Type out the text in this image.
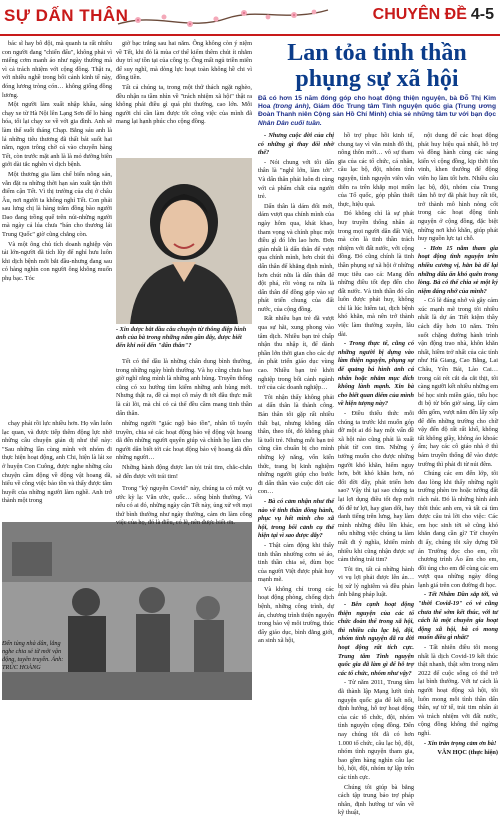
SỰ DẤN THÂN	CHUYÊN ĐỀ 4-5

bác sĩ hay bô đội, mà quanh ta rất nhiều con người đang "chiến đấu", không phải vì miếng cơm manh áo như ngày thường mà vì cả trách nhiệm với cộng đồng. Thật ra, với nhiều nghề trong bối cảnh kinh tế này, đóng lương tròng cón… không giống đồng lương.

Một người làm xuất nhập khẩu, sáng chạy xe từ Hà Nội lên Lạng Sơn để lo hàng hóa, tối lại chạy xe về với gia đình. Anh sẽ làm thế suốt tháng Chạp. Bằng sáu anh là lá những tiêu thương đã thất bát suốt hai năm, ngọn trông chờ cả vào chuyến hàng Tết, còn trước mặt anh là là mỏ đường biên giới dài tắc nghẽn vì dịch bệnh.

Một thương gia làm chế biến nông sản, vẫn đặt ra những thời hạn sản xuất tận thời điểm cận Tết. Vì thị trường của chị ở châu Âu, nơi người ta không nghỉ Tết. Con phải sau lưng chị là hàng trăm đồng bào người Dao đang trồng quế trên núi-những người mà ngày cả lúa chưa "bán cho thương lái Trung Quốc" giờ cũng chẳng còn.

Và một ông chủ tích doanh nghiệp vận tải lớn-người đã tích lũy để nghỉ hưu luôn khi dịch bệnh mới bắt đầu-nhưng đang sau có hàng nghìn con người ông không muốn phụ bạc. Tóc

giờ bạc trắng sau hai năm. Ông không còn ý niệm về Tết, khi đó là mùa cơ thể kiểm thêm chút ít nhằm duy trì sự tồn tại của công ty. Ông mất ngủ triền miên để suy nghĩ, mà dòng lực hoạt toàn không hề chi vì đồng tiền.

Tất cả chúng ta, trong một thứ thách ngặt nghèo, đều nhận ra tầm nhìn về "trách nhiệm xã hội" thật ra không phải điều gì quá phi thường, cao lớn. Mỗi người chỉ cần làm được tốt công việc của mình đã mang lại hạnh phúc cho cộng đồng.

- Xin được bắt đầu câu chuyện từ thông điệp hình ảnh của bà trong những năm gần đây, được biết đến khi nói đến "dấn thân"?

Tết có thể dầu là những chân dung bình thường, trong những ngày bình thường. Và họ cũng chưa bao giờ nghĩ rằng mình là những anh hùng. Truyền thống cũng có xu hướng tìm kiếm những anh hùng mới. Nhưng thật ra, đề cả mọi cỗ máy đi tới đâu thực mất là cái lõi, mà chỉ có cả thể đều cầm mang tinh thần dấn thân.

chạy phải rồi lực nhiều hơn. Họ vẫn luôn lạc quan, và được tiếp thêm động lực nhờ những câu chuyện giản dị như thế này: "Sau những lần cùng mình với nhóm đi thực hiện hoạt động, anh Chi, hiện là lái xe ở huyện Con Cuông, được nghe những câu chuyện cầm động về động vật hoang dã, hiểu về công việc bảo tồn và thấy được tâm huyết của những người làm nghề. Anh trở thành một trong

những người "giác ngộ bảo tồn", nhân tố tuyến truyền, chia sẻ các hoạt động bảo vệ động vật hoang dã đến những người quyên giúp và chính họ làm cho người dân biết tới các hoạt động bảo vệ hoang dã đến những người…

Những hành động được lan tỏi trái tim, chắc-chắn sẽ đến được với trái tim!

Đến tủng nhà dân, lắng nghe chia sẻ từ mới vận động, tuyên truyền. Ảnh: TRÚC HOÀNG

Trong "kỷ nguyên Covid" này, chúng ta có một vụ ước kỳ lạ: Vẫn ước, quốc… sống bình thường. Và nếu có ai đó, những ngày cận Tết này, ủng xử với mọi thứ bình thường như ngày thường, cảm ơn làm công việc của họ, đó là điều, có lẽ, nên được biết ơn.

Lan tỏa tinh thần phụng sự xã hội
Đã có hơn 15 năm đóng góp cho hoạt động thiện nguyện, bà Đỗ Thị Kim Hoa (trong ảnh), Giám đốc Trung tâm Tỉnh nguyện quốc gia (Trung ương Đoàn Thanh niên Cộng sản Hồ Chí Minh) chia sẻ những tâm tư với bạn đọc Nhân Dân cuối tuần.

- Nhưng cuộc đời của chị có những gì thay đổi nhờ thế?

- Nói chung với tôi dấn thân là "nghĩ lớn, làm tới". Và dấn thân phải luôn đi cùng với cả phẩm chất của người trẻ.

Dấn thân là dám đổi mới, dám vượt qua chính mình của ngày hôm qua, khát khao, tham vọng và chính phục một điều gì đó lớn lao hơn. Đơn giản nhất là dấn thân để vượt qua chính mình, hơn chút thì dấn thân để khẳng định mình, hơn chút nữa là dấn thân để đột phá, rồi vòng ra nữa là dấn thân để đồng góp vào sự phát triển chung của đất nước, của cộng đồng.

Rất nhiều bạn trẻ đã vượt qua sự hãi, xung phong vào tâm dịch. Nhiều bạn trẻ chấp nhận thu nhập ít, để dành phần lớn thời gian cho các dự án phát triển giáo dục vùng cao. Nhiều bạn trẻ khởi nghiệp trong bối cảnh ngành trở của các doanh nghiệp…

Tôi nhận thấy không phải ai dấn thân là thành công. Bản thân tôi gặp rất nhiều thất bại, nhưng không dấn thân, theo tôi, đó không phải là tuổi trẻ. Nhưng mỗi bạn trẻ cũng cần chuẩn bị cho mình những kỹ năng, vốn kiến thức, trang bị kinh nghiệm những người giúp cho bước đi dấn thân vào cuộc đời các con…

- Bà có cảm nhận như thế nào về tinh thần đồng hành, phục vụ hết mình cho xã hội, trong bối cảnh cụ thể hiện tại vì sao được dãy?

- Thật cảm động khi thấy tinh thần nhường cơm sẻ áo, tinh thần chia sẻ, đùm bọc của người Việt được phát huy mạnh mẽ.

Và không chỉ trong các hoạt động phòng, chống dịch bệnh, những công trình, dự án, chương trình thiện nguyện trong bảo vệ môi trường, thúc đẩy giáo dục, bình đẳng giới, an sinh xã hội,

hồ trợ phục hồi kinh tế, chung tay vì văn minh đô thị, nông thôn mới… vô sự tham gia của các tổ chức, cá nhân, câu lạc bộ, đội, nhóm tình nguyện, tình nguyện viên vẫn diễn ra trên khắp mọi miền của Tổ quốc, góp phần thiết thực, hiệu quả.

Đó không chỉ là sự phát huy truyền thống nhân ái trong mọi người dân đất Việt, mà còn là tinh thần trách nhiệm với đất nước, với cộng đồng. Đó cũng chính là tinh thần phụng sự xã hội ở những mục tiêu cao cả: Mang đến những điều tốt đẹp đến cho đất nước. Và tinh thần đó cần luôn được phát huy, không chỉ là lúc hiểm tai, dịch bệnh khó khăn, mà nên trở thành việc làm thường xuyên, lâu dài.

- Trong thực tế, cũng có những người bị dựng vào làm thiện nguyện, phụng sự để quảng bá hình ảnh cá nhân hoặc nhằm mục đích không lành mạnh. Xin bà cho biết quan điểm của mình về hiện tượng này?

- Điều thiếu thức mỗi chúng ta trước khi muốn góp đỡ một ai đó hay một vấn đề xã hội nào cũng phải là xuất phát từ con tim. Những ý tưởng muốn cho được những người khó khăn, hiểm nguy hơn, bớt khó khăn hơn, nó đổi đời đây, phát triển hơn sao? Vậy thì tại sao chúng ta lại lợi dụng điều tốt đẹp mới đó để tư lợi, hay gian dối, hay danh tiếng trên lưng, hay làm mình những điều lên khác, nếu những việc chúng ta làm mất đi ý nghĩa, khiến mình nhiều khi cũng nhận được sự cảm thông trái tim?

Tôi tin, tất cả những hành vi vụ lợi phải được lên án… bị xử lý nghiêm và đều phản ánh bằng pháp luật.

- Bên cạnh hoạt động thiện nguyện của các tổ chức đoàn thể trong xã hội, thì nhiều câu lạc bộ, đội, nhóm tình nguyện đã ra đời hoạt động rất tích cực. Trung tâm Tình nguyện quốc gia đã làm gì để hỗ trợ các tổ chức, nhóm như vậy?

- Từ năm 2011, Trung tâm đã thành lập Mạng lưới tình nguyện quốc gia để kết nối, định hướng, hỗ trợ hoạt động của các tổ chức, đội, nhóm tình nguyện cộng đồng. Đến nay chúng tôi đã có hơn 1.000 tổ chức, câu lạc bộ, đội, nhóm tình nguyện tham gia, bao gồm hàng nghìn câu lạc bộ, hội, đội, nhóm tự lập trên các tỉnh cực.

Chúng tôi giúp bà bằng cách tập trung bảo trợ pháp nhân, định hướng tư vấn về kỹ thuật,

nội dung để các hoạt động phát huy hiệu quả nhất, hỗ trợ và đồng hành cùng các sáng kiến vì cộng đồng, kịp thời tôn vinh, khen thưởng để động viên họ làm tốt hơn. Nhiều câu lạc bộ, đội, nhóm của Trung tâm hỗ trợ đã phát huy rất tốt, trở thành mô hình nòng cốt trong các hoạt động tình nguyện ở cộng đồng, đặc biệt những nơi khó khăn, giúp phát huy nguồn lực tại chỗ.

- Hơn 15 năm tham gia hoạt động tình nguyện trên nhiều cương vị, hẳn bà để lại những dấu ấn khó quên trong lòng. Bà có thể chia sẻ một kỷ niệm đáng nhớ của mình?

- Có lẽ đáng nhớ và gây cảm xúc mạnh mẽ trong tôi nhiều nhất là dự án Tiết kiệm thầy cách đây hơn 10 năm. Trên suốt chặng đường hành trình vận động trao nhà, khôn khăn nhất, hiềm trở nhất của các tỉnh như Hà Giang, Cao Bằng, Lai Châu, Yên Bái, Lào Cai… trong cái rét cắt da cắt thịt, tôi càng ngưỡi kết nhiều những em bé học sinh miền giáo, tiếu học đi bộ từ bốn giờ sáng, lấy cảm đến gốm, vượt nắm đến lấy xếp để đến những trường cho chữ vậy đến độ rất rất khổ, không tất không giầy, không áo khoác ấm; hay các cô giáo nhà ở thì bám truyền thống để vào được trường thì phải đi từ núi đêm.

Chúng các em đến lớp, tôi đau lòng khi thấy những ngôi trường phèn tre hoặc tường đất rách nát. Đó là những hình ảnh thôi thúc anh em, và tất cả tìm được câu trả lời cho việc: Các em học sinh tời sẽ cũng khó khăn đang cần gì? Từ chuyên đi ấy, chúng tôi xây dựng Đề án Trường đọc cho em, rồi chương trình Áo ấm cho em, đồi ủng cho em để cùng các em vượt qua những ngày đông lạnh giá trên con đường đi học.

- Tết Nhâm Dần sắp tới, và "thời Covid-19" có vẻ cũng chưa thể sớm kết thúc, với tư cách là một chuyên gia hoạt động xã hội, bà có mong muốn điều gì nhất?

- Tất nhiên điều tôi mong nhất là dịch Covid-19 kết thúc thật nhanh, thật sớm trong năm 2022 để cuộc sống có thể trở lại bình thường. Với tư cách là người hoạt động xã hội, tôi luôn mong mỗi tình thần dấn thân, sự tử tế, trải tim nhân ái và trách nhiệm với đất nước, cộng đồng không thể ngừng nghỉ.

- Xin trân trọng cảm ơn bà!

VÂN HỌC (thực hiện)
